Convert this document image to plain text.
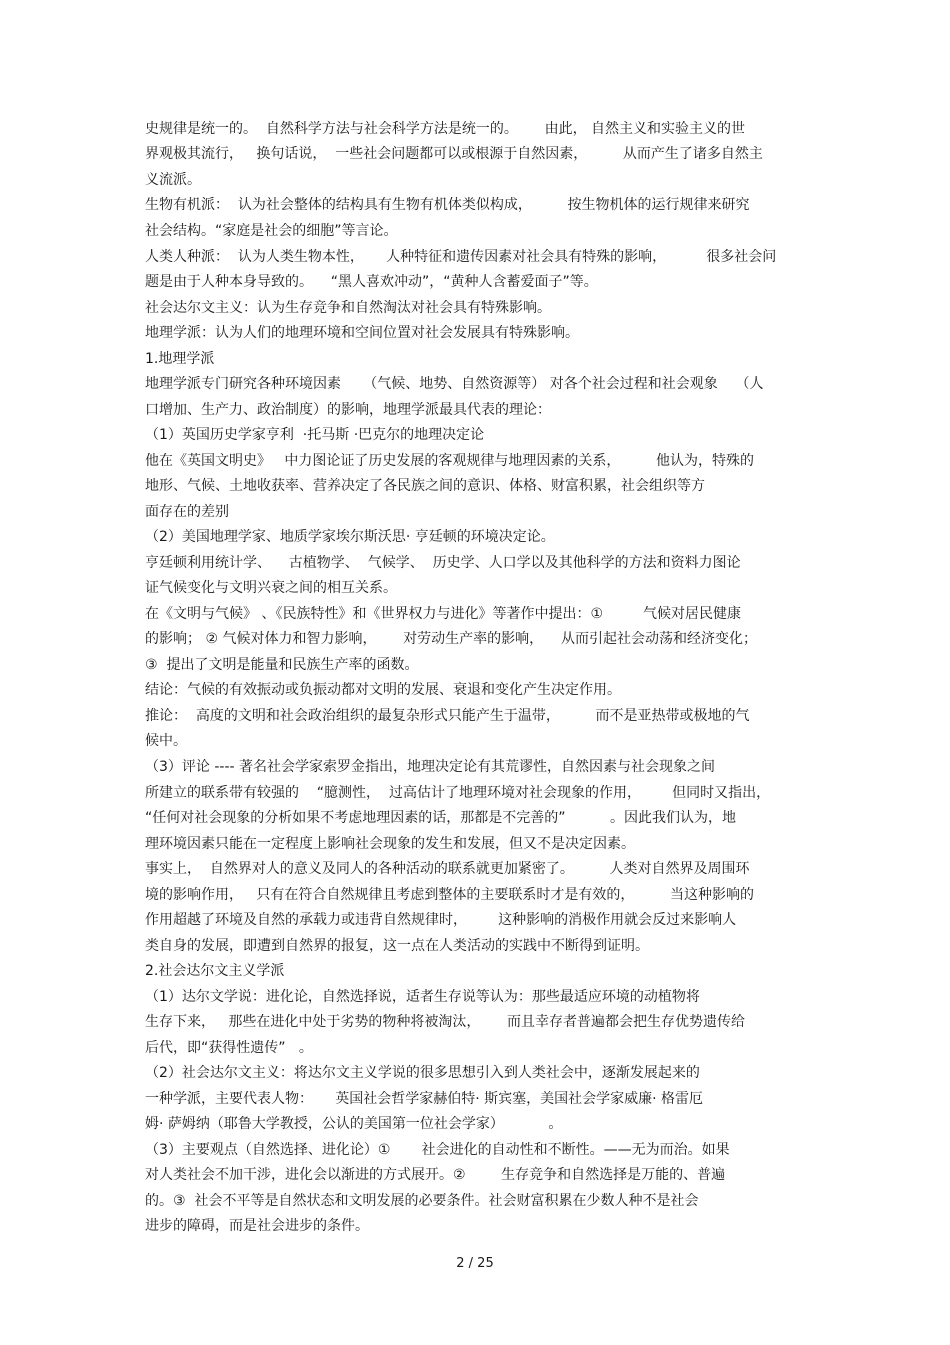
史规律是统一的。  自然科学方法与社会科学方法是统一的。      由此， 自然主义和实验主义的世
界观极其流行，   换句话说，  一些社会问题都可以或根源于自然因素，        从而产生了诸多自然主
义流派。
生物有机派：  认为社会整体的结构具有生物有机体类似构成，        按生物机体的运行规律来研究
社会结构。“家庭是社会的细胞”等言论。
人类人种派：  认为人类生物本性，     人种特征和遗传因素对社会具有特殊的影响，         很多社会问
题是由于人种本身导致的。    “黑人喜欢冲动”，“黄种人含蓄爱面子”等。
社会达尔文主义：认为生存竞争和自然淘汰对社会具有特殊影响。
地理学派：认为人们的地理环境和空间位置对社会发展具有特殊影响。
1.地理学派
地理学派专门研究各种环境因素     （气候、地势、自然资源等） 对各个社会过程和社会观象    （人
口增加、生产力、政治制度）的影响，地理学派最具代表的理论：
（1）英国历史学家亨利  ·托马斯 ·巴克尔的地理决定论
他在《英国文明史》   中力图论证了历史发展的客观规律与地理因素的关系，        他认为，特殊的
地形、气候、土地收获率、营养决定了各民族之间的意识、体格、财富积累，社会组织等方
面存在的差别
（2）美国地理学家、地质学家埃尔斯沃思· 亨廷顿的环境决定论。
亨廷顿利用统计学、    古植物学、  气候学、  历史学、人口学以及其他科学的方法和资料力图论
证气候变化与文明兴衰之间的相互关系。
在《文明与气候》 、《民族特性》和《世界权力与进化》等著作中提出：①         气候对居民健康
的影响； ② 气候对体力和智力影响，      对劳动生产率的影响，    从而引起社会动荡和经济变化；
③  提出了文明是能量和民族生产率的函数。
结论：气候的有效振动或负振动都对文明的发展、衰退和变化产生决定作用。
推论：  高度的文明和社会政治组织的最复杂形式只能产生于温带，        而不是亚热带或极地的气
候中。
（3）评论 ---- 著名社会学家索罗金指出，地理决定论有其荒谬性，自然因素与社会现象之间
所建立的联系带有较强的    “臆测性，  过高估计了地理环境对社会现象的作用，       但同时又指出，
“任何对社会现象的分析如果不考虑地理因素的话，那都是不完善的”          。因此我们认为，地
理环境因素只能在一定程度上影响社会现象的发生和发展，但又不是决定因素。
事实上，  自然界对人的意义及同人的各种活动的联系就更加紧密了。        人类对自然界及周围环
境的影响作用，   只有在符合自然规律且考虑到整体的主要联系时才是有效的，        当这种影响的
作用超越了环境及自然的承载力或违背自然规律时，       这种影响的消极作用就会反过来影响人
类自身的发展，即遭到自然界的报复，这一点在人类活动的实践中不断得到证明。
2.社会达尔文主义学派
（1）达尔文学说：进化论，自然选择说，适者生存说等认为：那些最适应环境的动植物将
生存下来，   那些在进化中处于劣势的物种将被淘汰，      而且幸存者普遍都会把生存优势遗传给
后代，即“获得性遗传”   。
（2）社会达尔文主义：将达尔文主义学说的很多思想引入到人类社会中，逐渐发展起来的
一种学派，主要代表人物：     英国社会哲学家赫伯特· 斯宾塞，美国社会学家威廉· 格雷厄
姆· 萨姆纳（耶鲁大学教授，公认的美国第一位社会学家）          。
（3）主要观点（自然选择、进化论）①       社会进化的自动性和不断性。——无为而治。如果
对人类社会不加干涉，进化会以渐进的方式展开。②        生存竞争和自然选择是万能的、普遍
的。③  社会不平等是自然状态和文明发展的必要条件。社会财富积累在少数人种不是社会
进步的障碍，而是社会进步的条件。
2 / 25
